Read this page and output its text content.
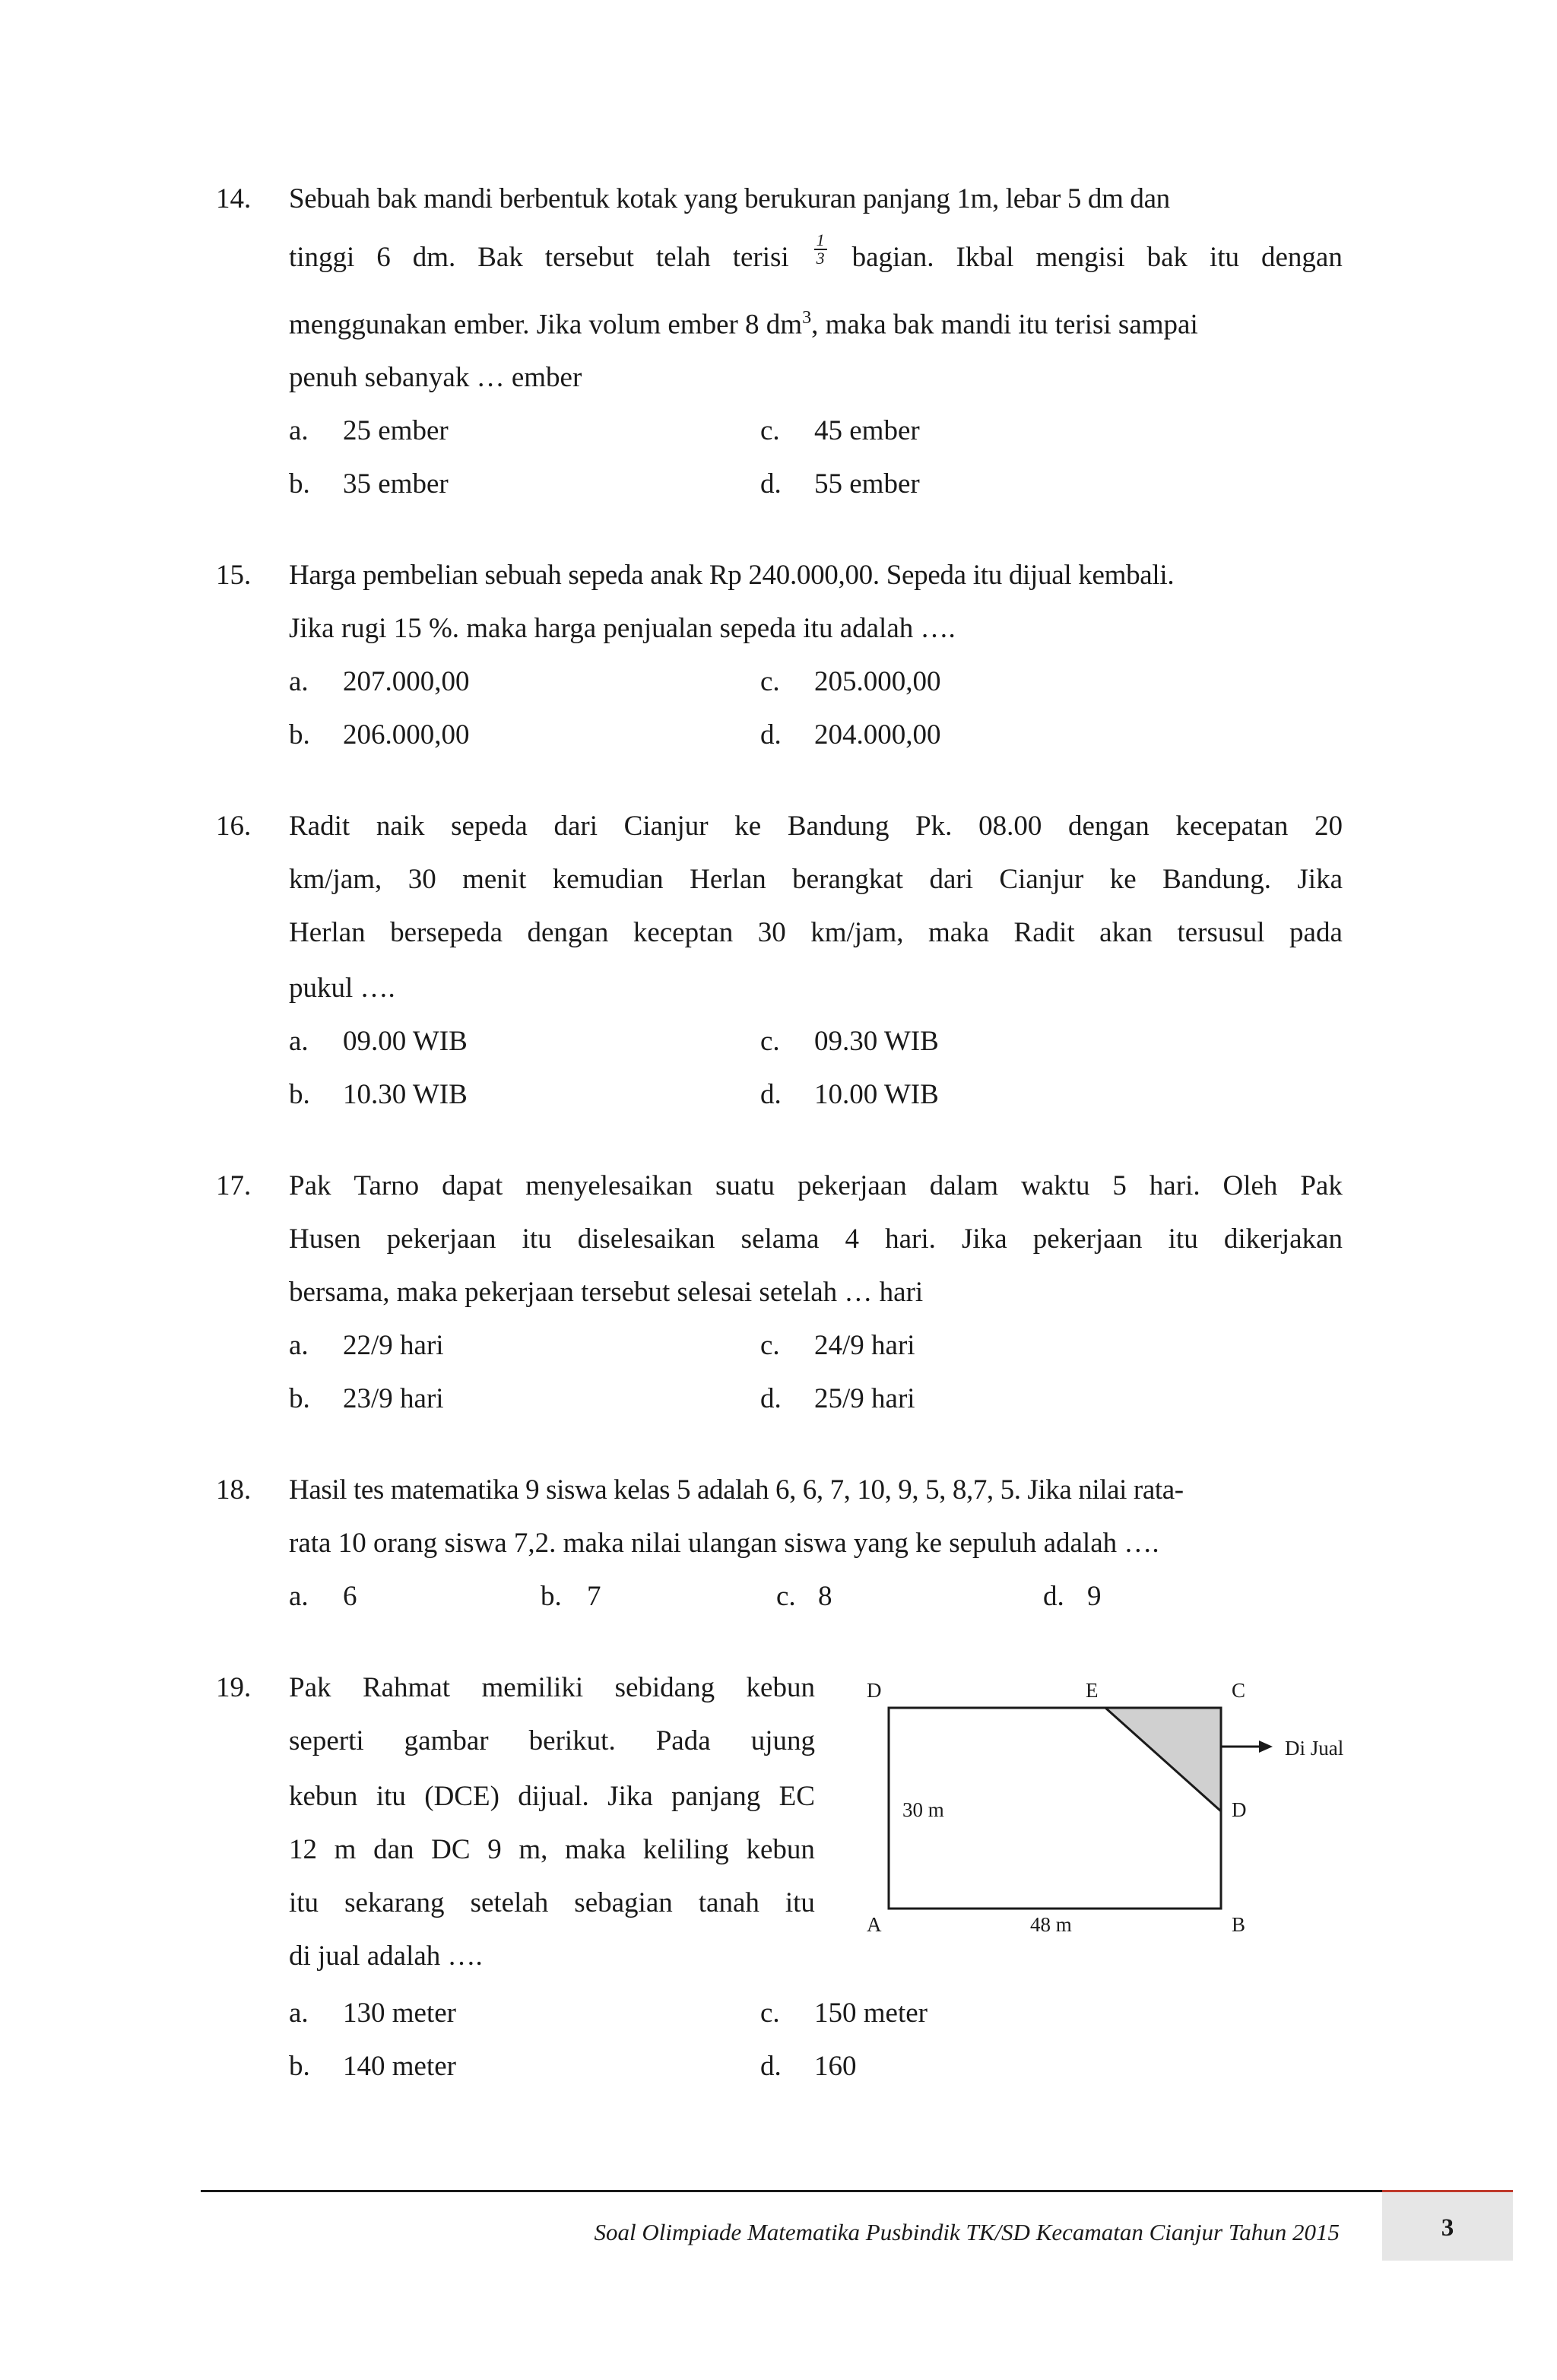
14. Sebuah bak mandi berbentuk kotak yang berukuran panjang 1m, lebar 5 dm dan
tinggi 6 dm. Bak tersebut telah terisi $\frac{1}{3}$ bagian. Ikbal mengisi bak itu dengan
menggunakan ember. Jika volum ember 8 $dm^3$, maka bak mandi itu terisi sampai
penuh sebanyak … ember
a. 25 ember	c. 45 ember
b. 35 ember	d. 55 ember
15. Harga pembelian sebuah sepeda anak Rp 240.000,00. Sepeda itu dijual kembali.
Jika rugi 15 %. maka harga penjualan sepeda itu adalah ….
a. 207.000,00	c. 205.000,00
b. 206.000,00	d. 204.000,00
16. Radit naik sepeda dari Cianjur ke Bandung Pk. 08.00 dengan kecepatan 20
km/jam, 30 menit kemudian Herlan berangkat dari Cianjur ke Bandung. Jika
Herlan bersepeda dengan keceptan 30 km/jam, maka Radit akan tersusul pada
pukul ….
a. 09.00 WIB	c. 09.30 WIB
b. 10.30 WIB	d. 10.00 WIB
17. Pak Tarno dapat menyelesaikan suatu pekerjaan dalam waktu 5 hari. Oleh Pak
Husen pekerjaan itu diselesaikan selama 4 hari. Jika pekerjaan itu dikerjakan
bersama, maka pekerjaan tersebut selesai setelah … hari
a. 22/9 hari	c. 24/9 hari
b. 23/9 hari	d. 25/9 hari
18. Hasil tes matematika 9 siswa kelas 5 adalah 6, 6, 7, 10, 9, 5, 8,7, 5. Jika nilai rata-
rata 10 orang siswa 7,2. maka nilai ulangan siswa yang ke sepuluh adalah ….
a. 6	b. 7	c. 8	d. 9
19. Pak Rahmat memiliki sebidang kebun
seperti gambar berikut. Pada ujung
kebun itu (DCE) dijual. Jika panjang EC
12 m dan DC 9 m, maka keliling kebun
itu sekarang setelah sebagian tanah itu
di jual adalah ….
D	E	C
D
A	B
30 m
48 m
Di Jual
a. 130 meter	c. 150 meter
b. 140 meter	d. 160
Soal Olimpiade Matematika Pusbindik TK/SD Kecamatan Cianjur Tahun 2015	3
